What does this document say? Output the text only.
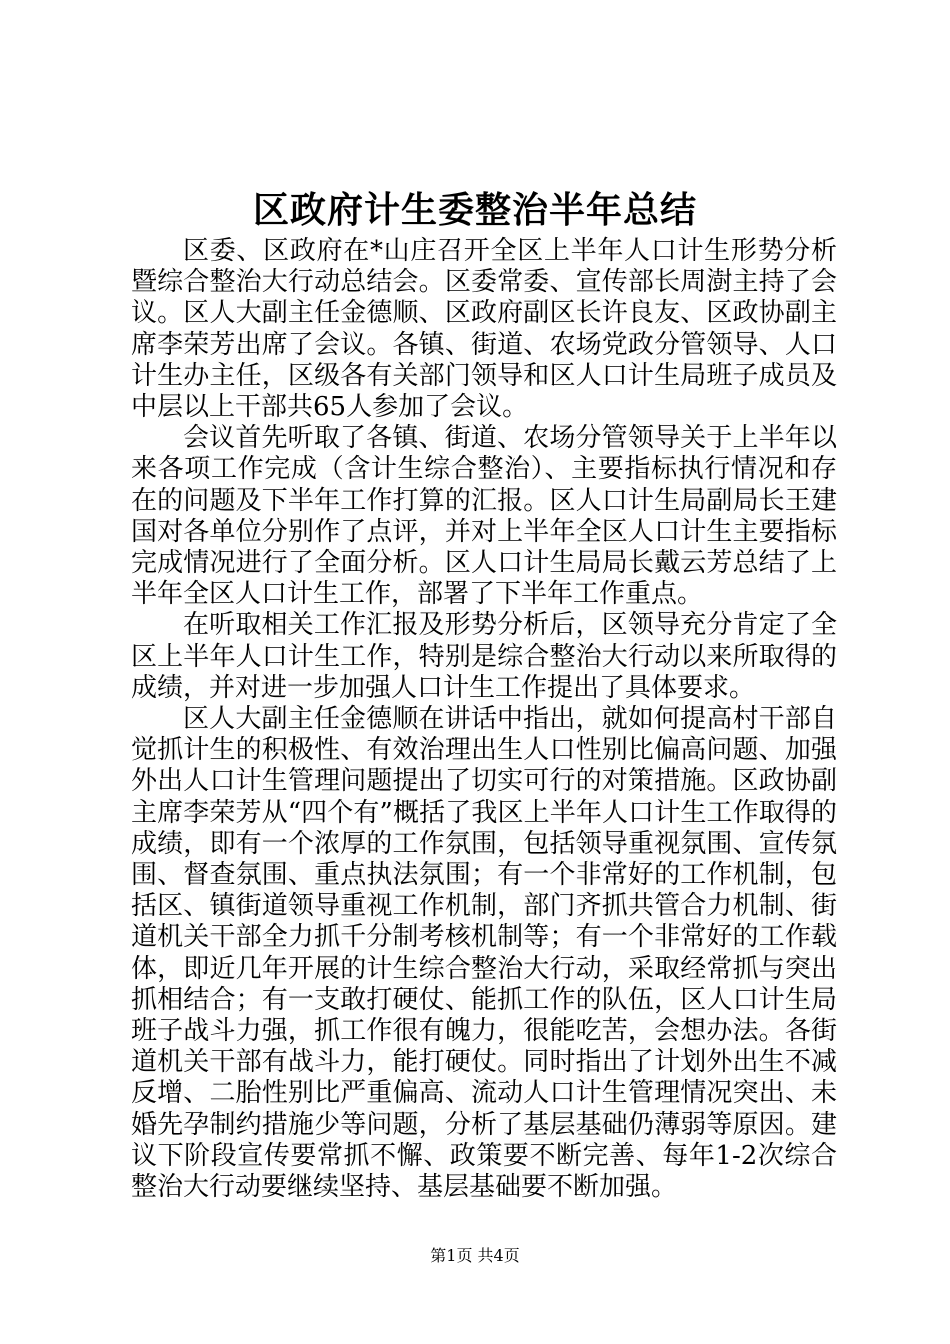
区政府计生委整治半年总结

区委、区政府在*山庄召开全区上半年人口计生形势分析暨综合整治大行动总结会。区委常委、宣传部长周澍主持了会议。区人大副主任金德顺、区政府副区长许良友、区政协副主席李荣芳出席了会议。各镇、街道、农场党政分管领导、人口计生办主任，区级各有关部门领导和区人口计生局班子成员及中层以上干部共65人参加了会议。

会议首先听取了各镇、街道、农场分管领导关于上半年以来各项工作完成（含计生综合整治）、主要指标执行情况和存在的问题及下半年工作打算的汇报。区人口计生局副局长王建国对各单位分别作了点评，并对上半年全区人口计生主要指标完成情况进行了全面分析。区人口计生局局长戴云芳总结了上半年全区人口计生工作，部署了下半年工作重点。

在听取相关工作汇报及形势分析后，区领导充分肯定了全区上半年人口计生工作，特别是综合整治大行动以来所取得的成绩，并对进一步加强人口计生工作提出了具体要求。

区人大副主任金德顺在讲话中指出，就如何提高村干部自觉抓计生的积极性、有效治理出生人口性别比偏高问题、加强外出人口计生管理问题提出了切实可行的对策措施。区政协副主席李荣芳从“四个有”概括了我区上半年人口计生工作取得的成绩，即有一个浓厚的工作氛围，包括领导重视氛围、宣传氛围、督查氛围、重点执法氛围；有一个非常好的工作机制，包括区、镇街道领导重视工作机制，部门齐抓共管合力机制、街道机关干部全力抓千分制考核机制等；有一个非常好的工作载体，即近几年开展的计生综合整治大行动，采取经常抓与突出抓相结合；有一支敢打硬仗、能抓工作的队伍，区人口计生局班子战斗力强，抓工作很有魄力，很能吃苦，会想办法。各街道机关干部有战斗力，能打硬仗。同时指出了计划外出生不减反增、二胎性别比严重偏高、流动人口计生管理情况突出、未婚先孕制约措施少等问题，分析了基层基础仍薄弱等原因。建议下阶段宣传要常抓不懈、政策要不断完善、每年1-2次综合整治大行动要继续坚持、基层基础要不断加强。

第1页 共4页
